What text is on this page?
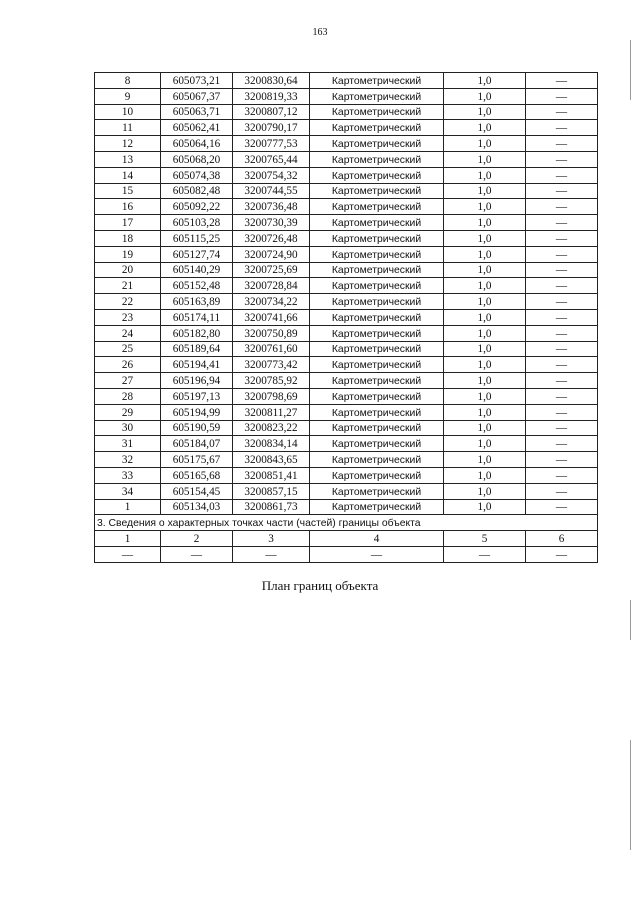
163
8	605073,21	3200830,64	Картометрический	1,0	—
9	605067,37	3200819,33	Картометрический	1,0	—
10	605063,71	3200807,12	Картометрический	1,0	—
11	605062,41	3200790,17	Картометрический	1,0	—
12	605064,16	3200777,53	Картометрический	1,0	—
13	605068,20	3200765,44	Картометрический	1,0	—
14	605074,38	3200754,32	Картометрический	1,0	—
15	605082,48	3200744,55	Картометрический	1,0	—
16	605092,22	3200736,48	Картометрический	1,0	—
17	605103,28	3200730,39	Картометрический	1,0	—
18	605115,25	3200726,48	Картометрический	1,0	—
19	605127,74	3200724,90	Картометрический	1,0	—
20	605140,29	3200725,69	Картометрический	1,0	—
21	605152,48	3200728,84	Картометрический	1,0	—
22	605163,89	3200734,22	Картометрический	1,0	—
23	605174,11	3200741,66	Картометрический	1,0	—
24	605182,80	3200750,89	Картометрический	1,0	—
25	605189,64	3200761,60	Картометрический	1,0	—
26	605194,41	3200773,42	Картометрический	1,0	—
27	605196,94	3200785,92	Картометрический	1,0	—
28	605197,13	3200798,69	Картометрический	1,0	—
29	605194,99	3200811,27	Картометрический	1,0	—
30	605190,59	3200823,22	Картометрический	1,0	—
31	605184,07	3200834,14	Картометрический	1,0	—
32	605175,67	3200843,65	Картометрический	1,0	—
33	605165,68	3200851,41	Картометрический	1,0	—
34	605154,45	3200857,15	Картометрический	1,0	—
1	605134,03	3200861,73	Картометрический	1,0	—
3. Сведения о характерных точках части (частей) границы объекта					
1	2	3	4	5	6
—	—	—	—	—	—
План границ объекта
